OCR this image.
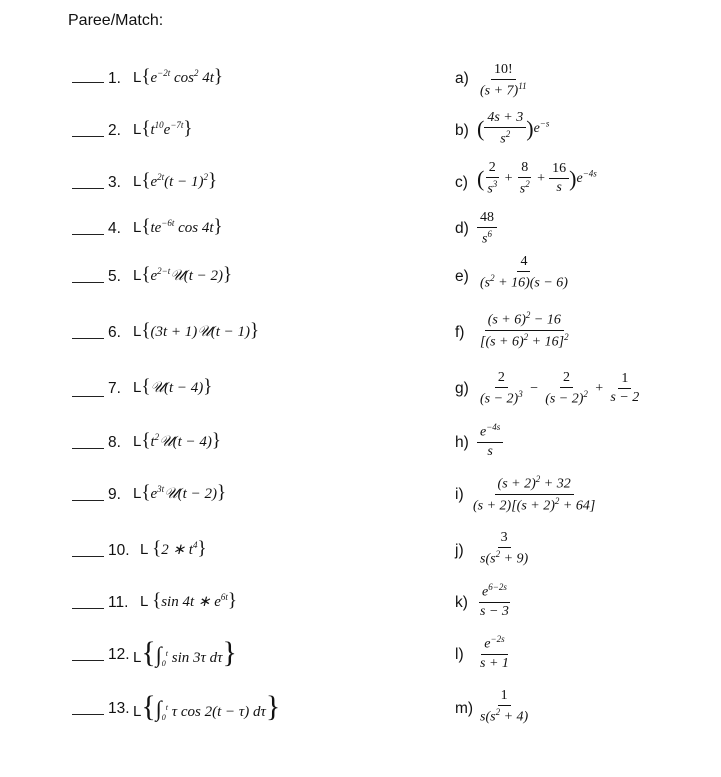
Paree/Match:
1. $L\{e^{-2t}$ $\cos^2 4t$}	$a) \frac{10!}{(s + 7)^{11}}$
2. $L\{t^{10}e^{-7t}\}$	b) ( $\frac{4s + 3}{s^2} )e^{-s}$
3. $L\{e^{2t}(t - 1)^2\}$	c) ( $\frac{2}{s^3} + \frac{8}{s^2} + \frac{16}{s} )e^{-4s}$
4. $L\{te^{-6t}$ cos 4t}	$d) \frac{48}{s^6}$
5. $L\{e^{2-t}𝒰(t - 2)\}$	$e) \frac{4}{(s^2 + 16)(s - 6)}$
6. L{(3t + 1)𝒰(t − 1)}	$f) \frac{(s + 6)^2 - 16}{[(s + 6)^2 + 16]^2}$
7. L{𝒰(t − 4)}	$g) \frac{2}{(s - 2)^3} - \frac{2}{(s - 2)^2} + \frac{1}{s - 2}$
8. $L\{t^2𝒰(t - 4)\}$	$h) \frac{e^{-4s}}{s}$
9. $L\{e^{3t}𝒰(t - 2)\}$	$i) \frac{(s + 2)^2 + 32}{(s + 2)[(s + 2)^2 + 64]}$
10. L {2 ∗ $t^4$}	$j) \frac{3}{s(s^2 + 9)}$
11. L {sin 4t ∗ $e^{6t}$}	$k) \frac{e^{6-2s}}{s - 3}$
12. $L\{\int_0^t$ sin 3τ dτ}	$l) \frac{e^{-2s}}{s + 1}$
13. $L\{\int_0^t$ τ cos 2(t − τ) dτ}	$m) \frac{1}{s(s^2 + 4)}$
